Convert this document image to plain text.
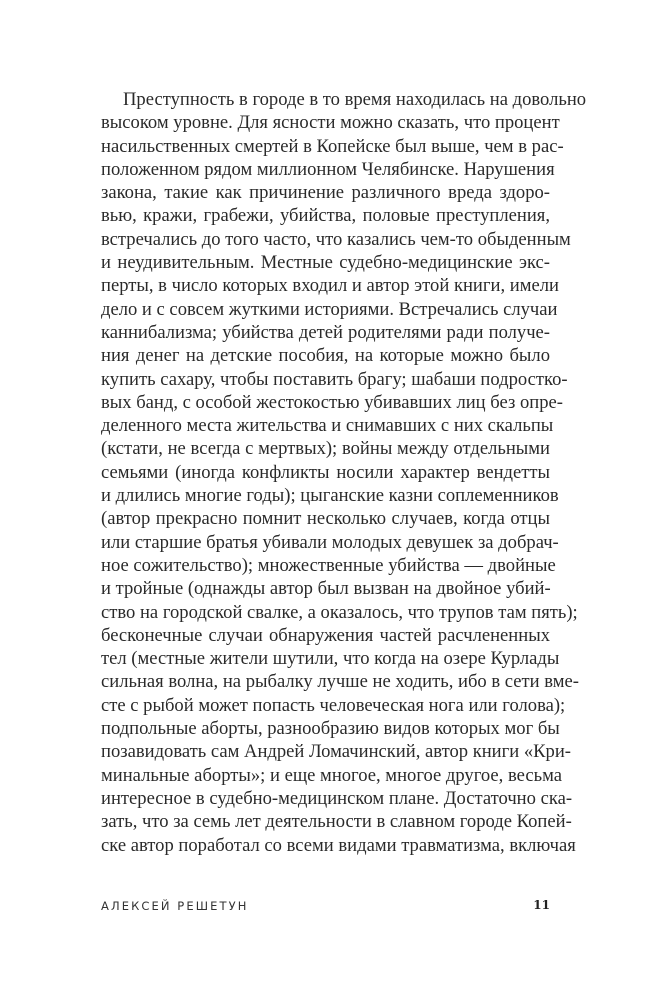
Преступность в городе в то время находилась на довольно
высоком уровне. Для ясности можно сказать, что процент
насильственных смертей в Копейске был выше, чем в рас-
положенном рядом миллионном Челябинске. Нарушения
закона, такие как причинение различного вреда здоро-
вью, кражи, грабежи, убийства, половые преступления,
встречались до того часто, что казались чем-то обыденным
и неудивительным. Местные судебно-медицинские экс-
перты, в число которых входил и автор этой книги, имели
дело и с совсем жуткими историями. Встречались случаи
каннибализма; убийства детей родителями ради получе-
ния денег на детские пособия, на которые можно было
купить сахару, чтобы поставить брагу; шабаши подростко-
вых банд, с особой жестокостью убивавших лиц без опре-
деленного места жительства и снимавших с них скальпы
(кстати, не всегда с мертвых); войны между отдельными
семьями (иногда конфликты носили характер вендетты
и длились многие годы); цыганские казни соплеменников
(автор прекрасно помнит несколько случаев, когда отцы
или старшие братья убивали молодых девушек за добрач-
ное сожительство); множественные убийства — двойные
и тройные (однажды автор был вызван на двойное убий-
ство на городской свалке, а оказалось, что трупов там пять);
бесконечные случаи обнаружения частей расчлененных
тел (местные жители шутили, что когда на озере Курлады
сильная волна, на рыбалку лучше не ходить, ибо в сети вме-
сте с рыбой может попасть человеческая нога или голова);
подпольные аборты, разнообразию видов которых мог бы
позавидовать сам Андрей Ломачинский, автор книги «Кри-
минальные аборты»; и еще многое, многое другое, весьма
интересное в судебно-медицинском плане. Достаточно ска-
зать, что за семь лет деятельности в славном городе Копей-
ске автор поработал со всеми видами травматизма, включая
АЛЕКСЕЙ РЕШЕТУН	11
